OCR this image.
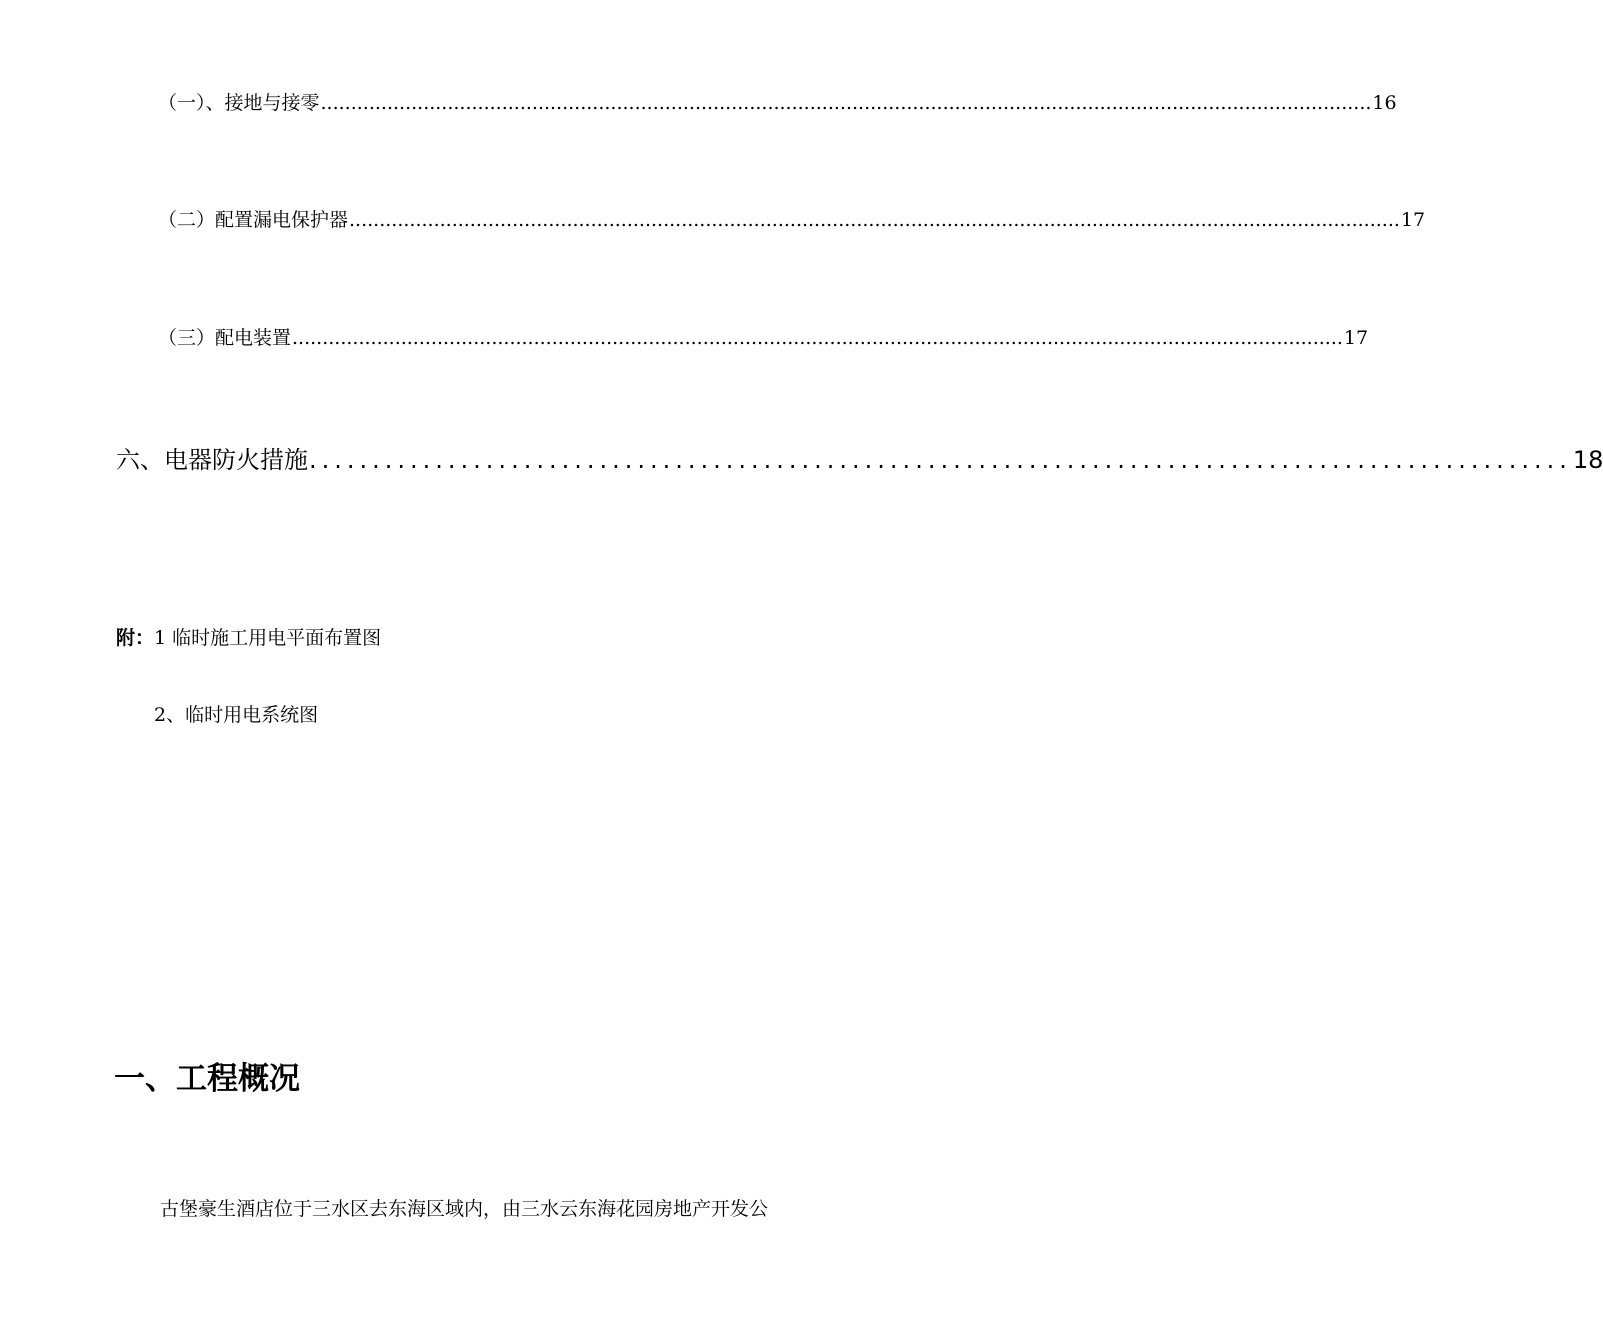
（一）、接地与接零 .............................................................................................................................................................................. 16
（二）配置漏电保护器 .............................................................................................................................................................................. 17
（三）配电装置 .............................................................................................................................................................................. 17
六、电器防火措施 .................................................................................................... 18
附：1 临时施工用电平面布置图
2、临时用电系统图
一、工程概况
古堡豪生酒店位于三水区去东海区域内，由三水云东海花园房地产开发公
